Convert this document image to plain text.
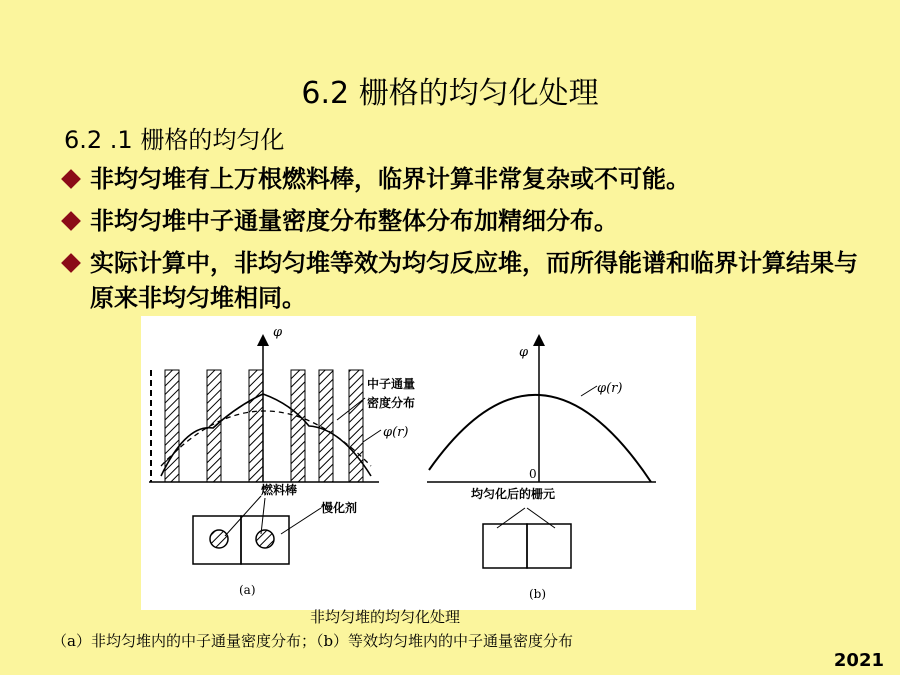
6.2 栅格的均匀化处理
6.2 .1 栅格的均匀化
非均匀堆有上万根燃料棒，临界计算非常复杂或不可能。
非均匀堆中子通量密度分布整体分布加精细分布。
实际计算中，非均匀堆等效为均匀反应堆，而所得能谱和临界计算结果与原来非均匀堆相同。
φ
中子通量
密度分布
φ(r)
燃料棒
慢化剂
(a)
φ
φ(r)
0
均匀化后的栅元
(b)
非均匀堆的均匀化处理
（a）非均匀堆内的中子通量密度分布；（b）等效均匀堆内的中子通量密度分布
2021
